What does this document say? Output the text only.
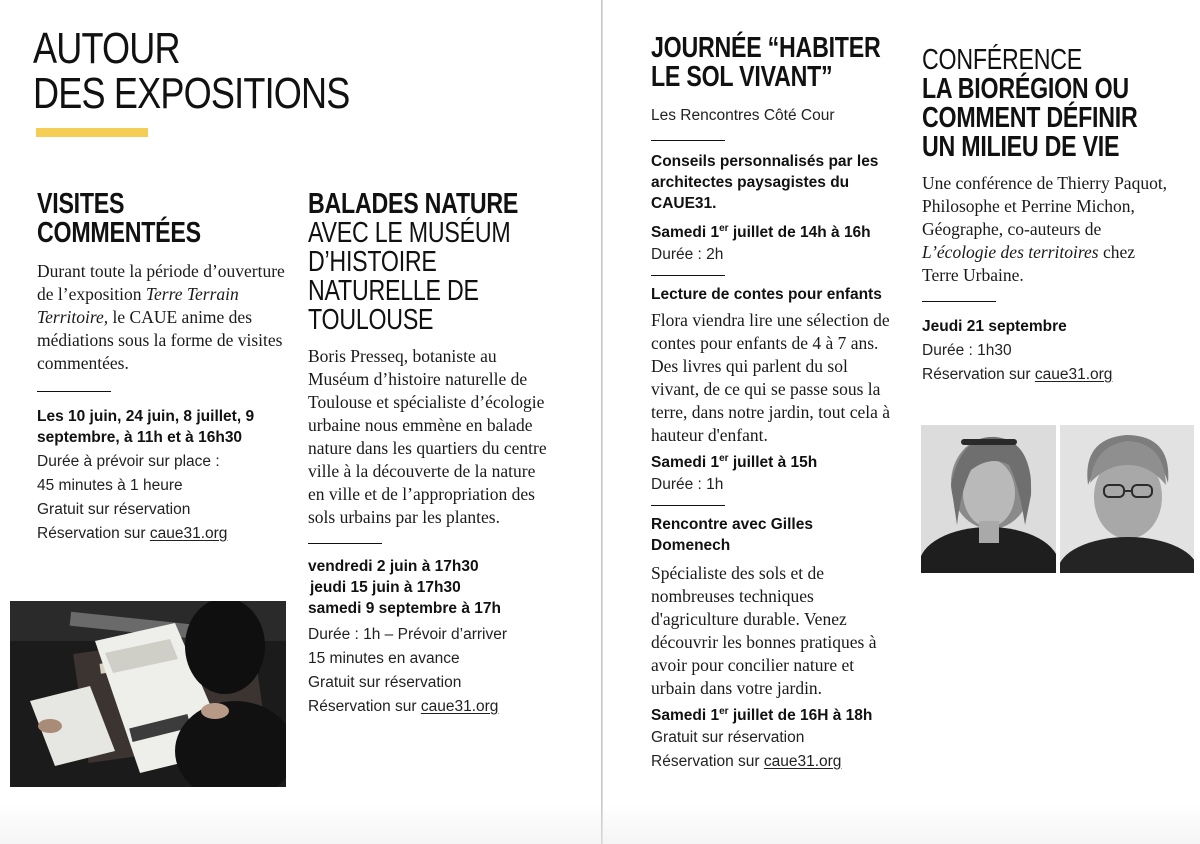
AUTOUR
DES EXPOSITIONS
VISITES
COMMENTÉES

Durant toute la période d’ouverture de l’exposition Terre Terrain Territoire, le CAUE anime des médiations sous la forme de visites commentées.

Les 10 juin, 24 juin, 8 juillet, 9 septembre, à 11h et à 16h30
Durée à prévoir sur place :
45 minutes à 1 heure
Gratuit sur réservation
Réservation sur caue31.org
BALADES NATURE
AVEC LE MUSÉUM
D’HISTOIRE
NATURELLE DE
TOULOUSE

Boris Presseq, botaniste au Muséum d’histoire naturelle de Toulouse et spécialiste d’écologie urbaine nous emmène en balade nature dans les quartiers du centre ville à la découverte de la nature en ville et de l’appropriation des sols urbains par les plantes.

vendredi 2 juin à 17h30
jeudi 15 juin à 17h30
samedi 9 septembre à 17h
Durée : 1h – Prévoir d’arriver
15 minutes en avance
Gratuit sur réservation
Réservation sur caue31.org
JOURNÉE “HABITER
LE SOL VIVANT”
Les Rencontres Côté Cour
Conseils personnalisés par les architectes paysagistes du CAUE31.
Samedi 1er juillet de 14h à 16h
Durée : 2h
Lecture de contes pour enfants

Flora viendra lire une sélection de contes pour enfants de 4 à 7 ans. Des livres qui parlent du sol vivant, de ce qui se passe sous la terre, dans notre jardin, tout cela à hauteur d'enfant.

Samedi 1er juillet à 15h
Durée : 1h
Rencontre avec Gilles Domenech

Spécialiste des sols et de nombreuses techniques d'agriculture durable. Venez découvrir les bonnes pratiques à avoir pour concilier nature et urbain dans votre jardin.

Samedi 1er juillet de 16H à 18h
Gratuit sur réservation
Réservation sur caue31.org
CONFÉRENCE
LA BIORÉGION OU
COMMENT DÉFINIR
UN MILIEU DE VIE

Une conférence de Thierry Paquot, Philosophe et Perrine Michon, Géographe, co-auteurs de L’écologie des territoires chez Terre Urbaine.

Jeudi 21 septembre
Durée : 1h30
Réservation sur caue31.org
